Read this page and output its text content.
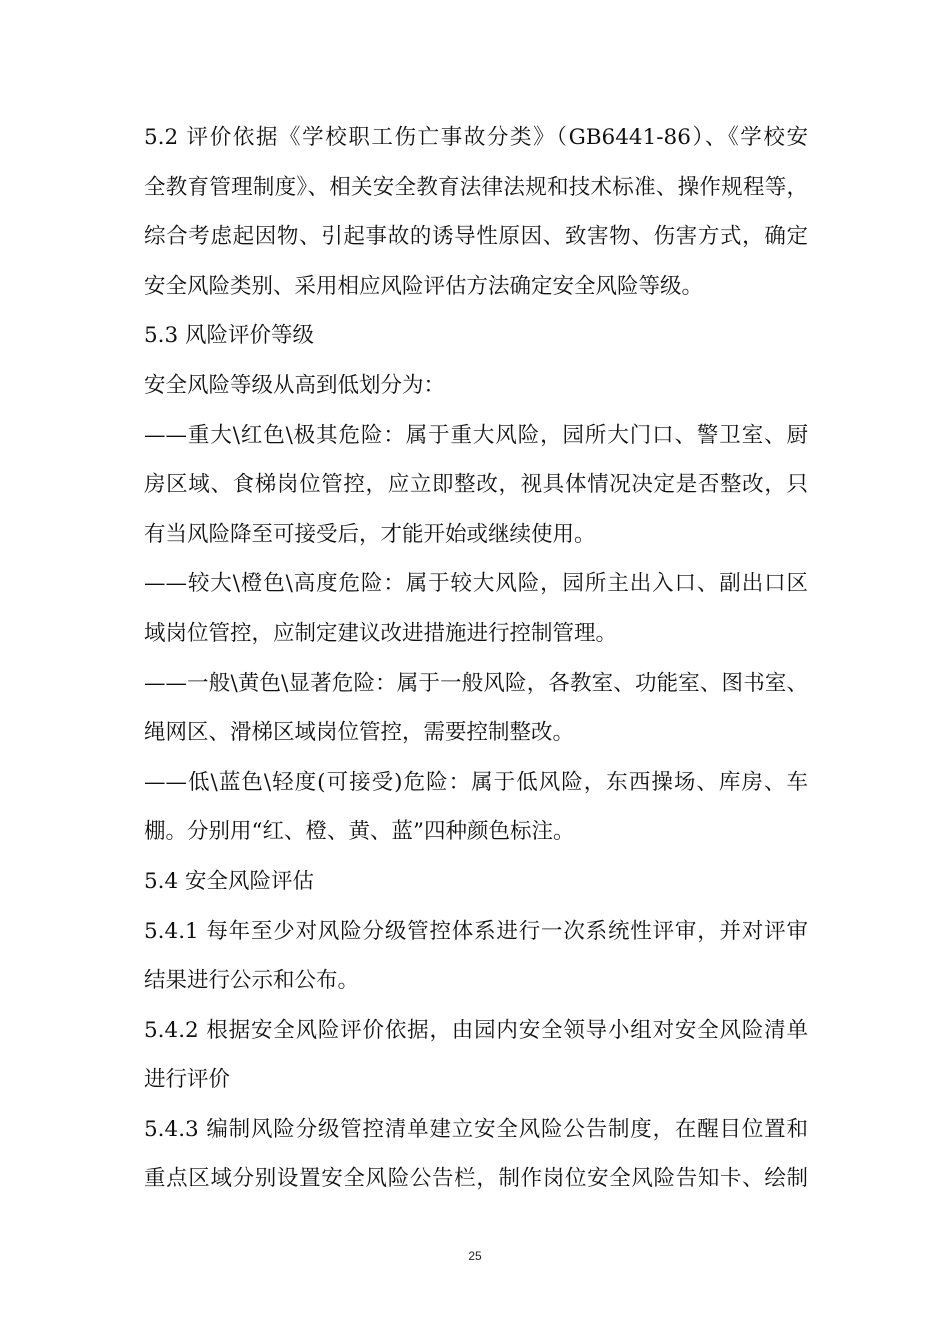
5.2 评价依据《学校职工伤亡事故分类》（GB6441-86）、《学校安
全教育管理制度》、相关安全教育法律法规和技术标准、操作规程等，
综合考虑起因物、引起事故的诱导性原因、致害物、伤害方式，确定
安全风险类别、采用相应风险评估方法确定安全风险等级。
5.3 风险评价等级
安全风险等级从高到低划分为：
——重大\红色\极其危险：属于重大风险，园所大门口、警卫室、厨
房区域、食梯岗位管控，应立即整改，视具体情况决定是否整改，只
有当风险降至可接受后，才能开始或继续使用。
——较大\橙色\高度危险：属于较大风险，园所主出入口、副出口区
域岗位管控，应制定建议改进措施进行控制管理。
——一般\黄色\显著危险：属于一般风险，各教室、功能室、图书室、
绳网区、滑梯区域岗位管控，需要控制整改。
——低\蓝色\轻度(可接受)危险：属于低风险，东西操场、库房、车
棚。分别用“红、橙、黄、蓝”四种颜色标注。
5.4 安全风险评估
5.4.1 每年至少对风险分级管控体系进行一次系统性评审，并对评审
结果进行公示和公布。
5.4.2 根据安全风险评价依据，由园内安全领导小组对安全风险清单
进行评价
5.4.3 编制风险分级管控清单建立安全风险公告制度，在醒目位置和
重点区域分别设置安全风险公告栏，制作岗位安全风险告知卡、绘制
25
